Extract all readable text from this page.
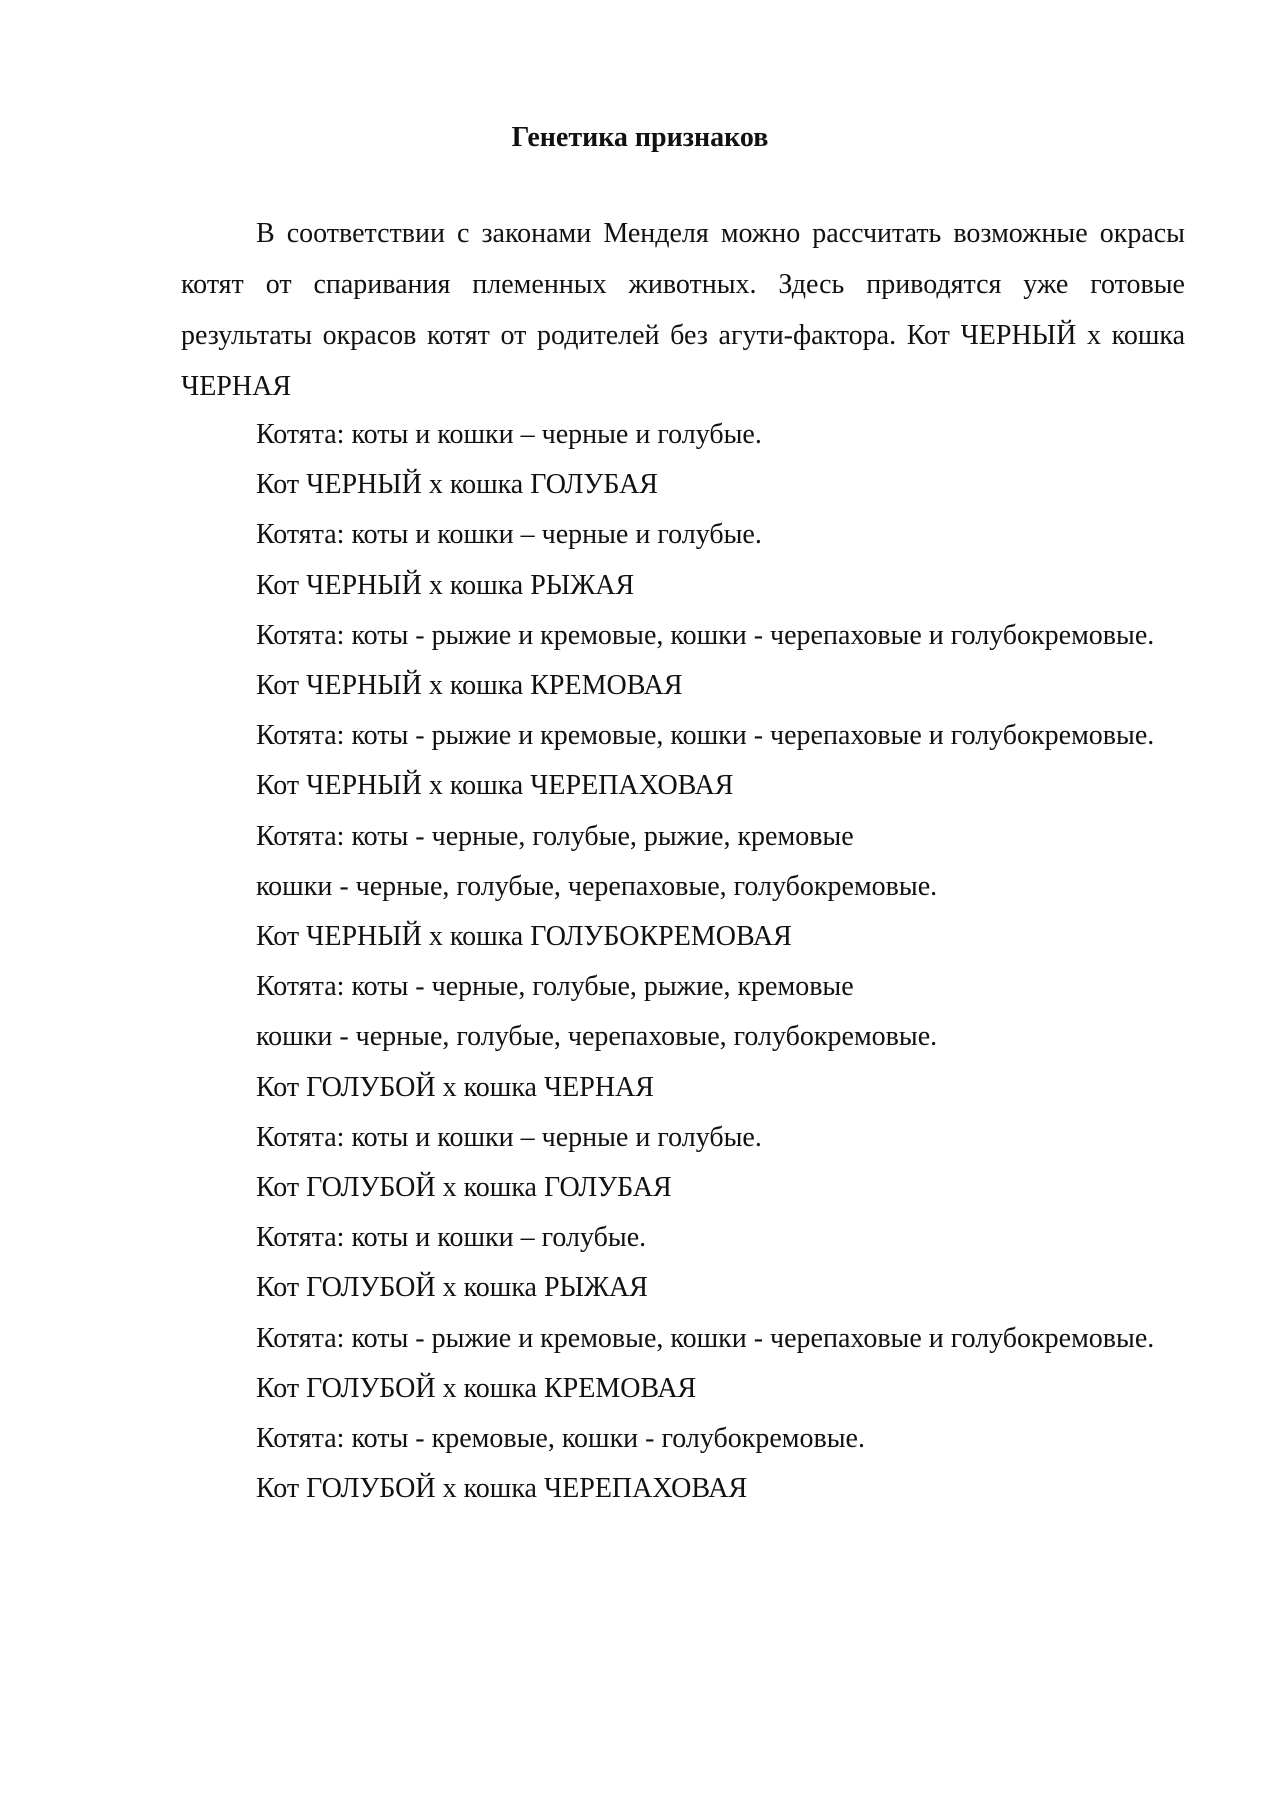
Генетика признаков

В соответствии с законами Менделя можно рассчитать возможные окрасы котят от спаривания племенных животных. Здесь приводятся уже готовые результаты окрасов котят от родителей без агути-фактора. Кот ЧЕРНЫЙ х кошка ЧЕРНАЯ

Котята: коты и кошки – черные и голубые.

Кот ЧЕРНЫЙ х кошка ГОЛУБАЯ

Котята: коты и кошки – черные и голубые.

Кот ЧЕРНЫЙ х кошка РЫЖАЯ

Котята: коты - рыжие и кремовые, кошки - черепаховые и голубокремовые.

Кот ЧЕРНЫЙ х кошка КРЕМОВАЯ

Котята: коты - рыжие и кремовые, кошки - черепаховые и голубокремовые.

Кот ЧЕРНЫЙ х кошка ЧЕРЕПАХОВАЯ

Котята: коты - черные, голубые, рыжие, кремовые

кошки - черные, голубые, черепаховые, голубокремовые.

Кот ЧЕРНЫЙ х кошка ГОЛУБОКРЕМОВАЯ

Котята: коты - черные, голубые, рыжие, кремовые

кошки - черные, голубые, черепаховые, голубокремовые.

Кот ГОЛУБОЙ х кошка ЧЕРНАЯ

Котята: коты и кошки – черные и голубые.

Кот ГОЛУБОЙ х кошка ГОЛУБАЯ

Котята: коты и кошки – голубые.

Кот ГОЛУБОЙ х кошка РЫЖАЯ

Котята: коты - рыжие и кремовые, кошки - черепаховые и голубокремовые.

Кот ГОЛУБОЙ х кошка КРЕМОВАЯ

Котята: коты - кремовые, кошки - голубокремовые.

Кот ГОЛУБОЙ х кошка ЧЕРЕПАХОВАЯ
